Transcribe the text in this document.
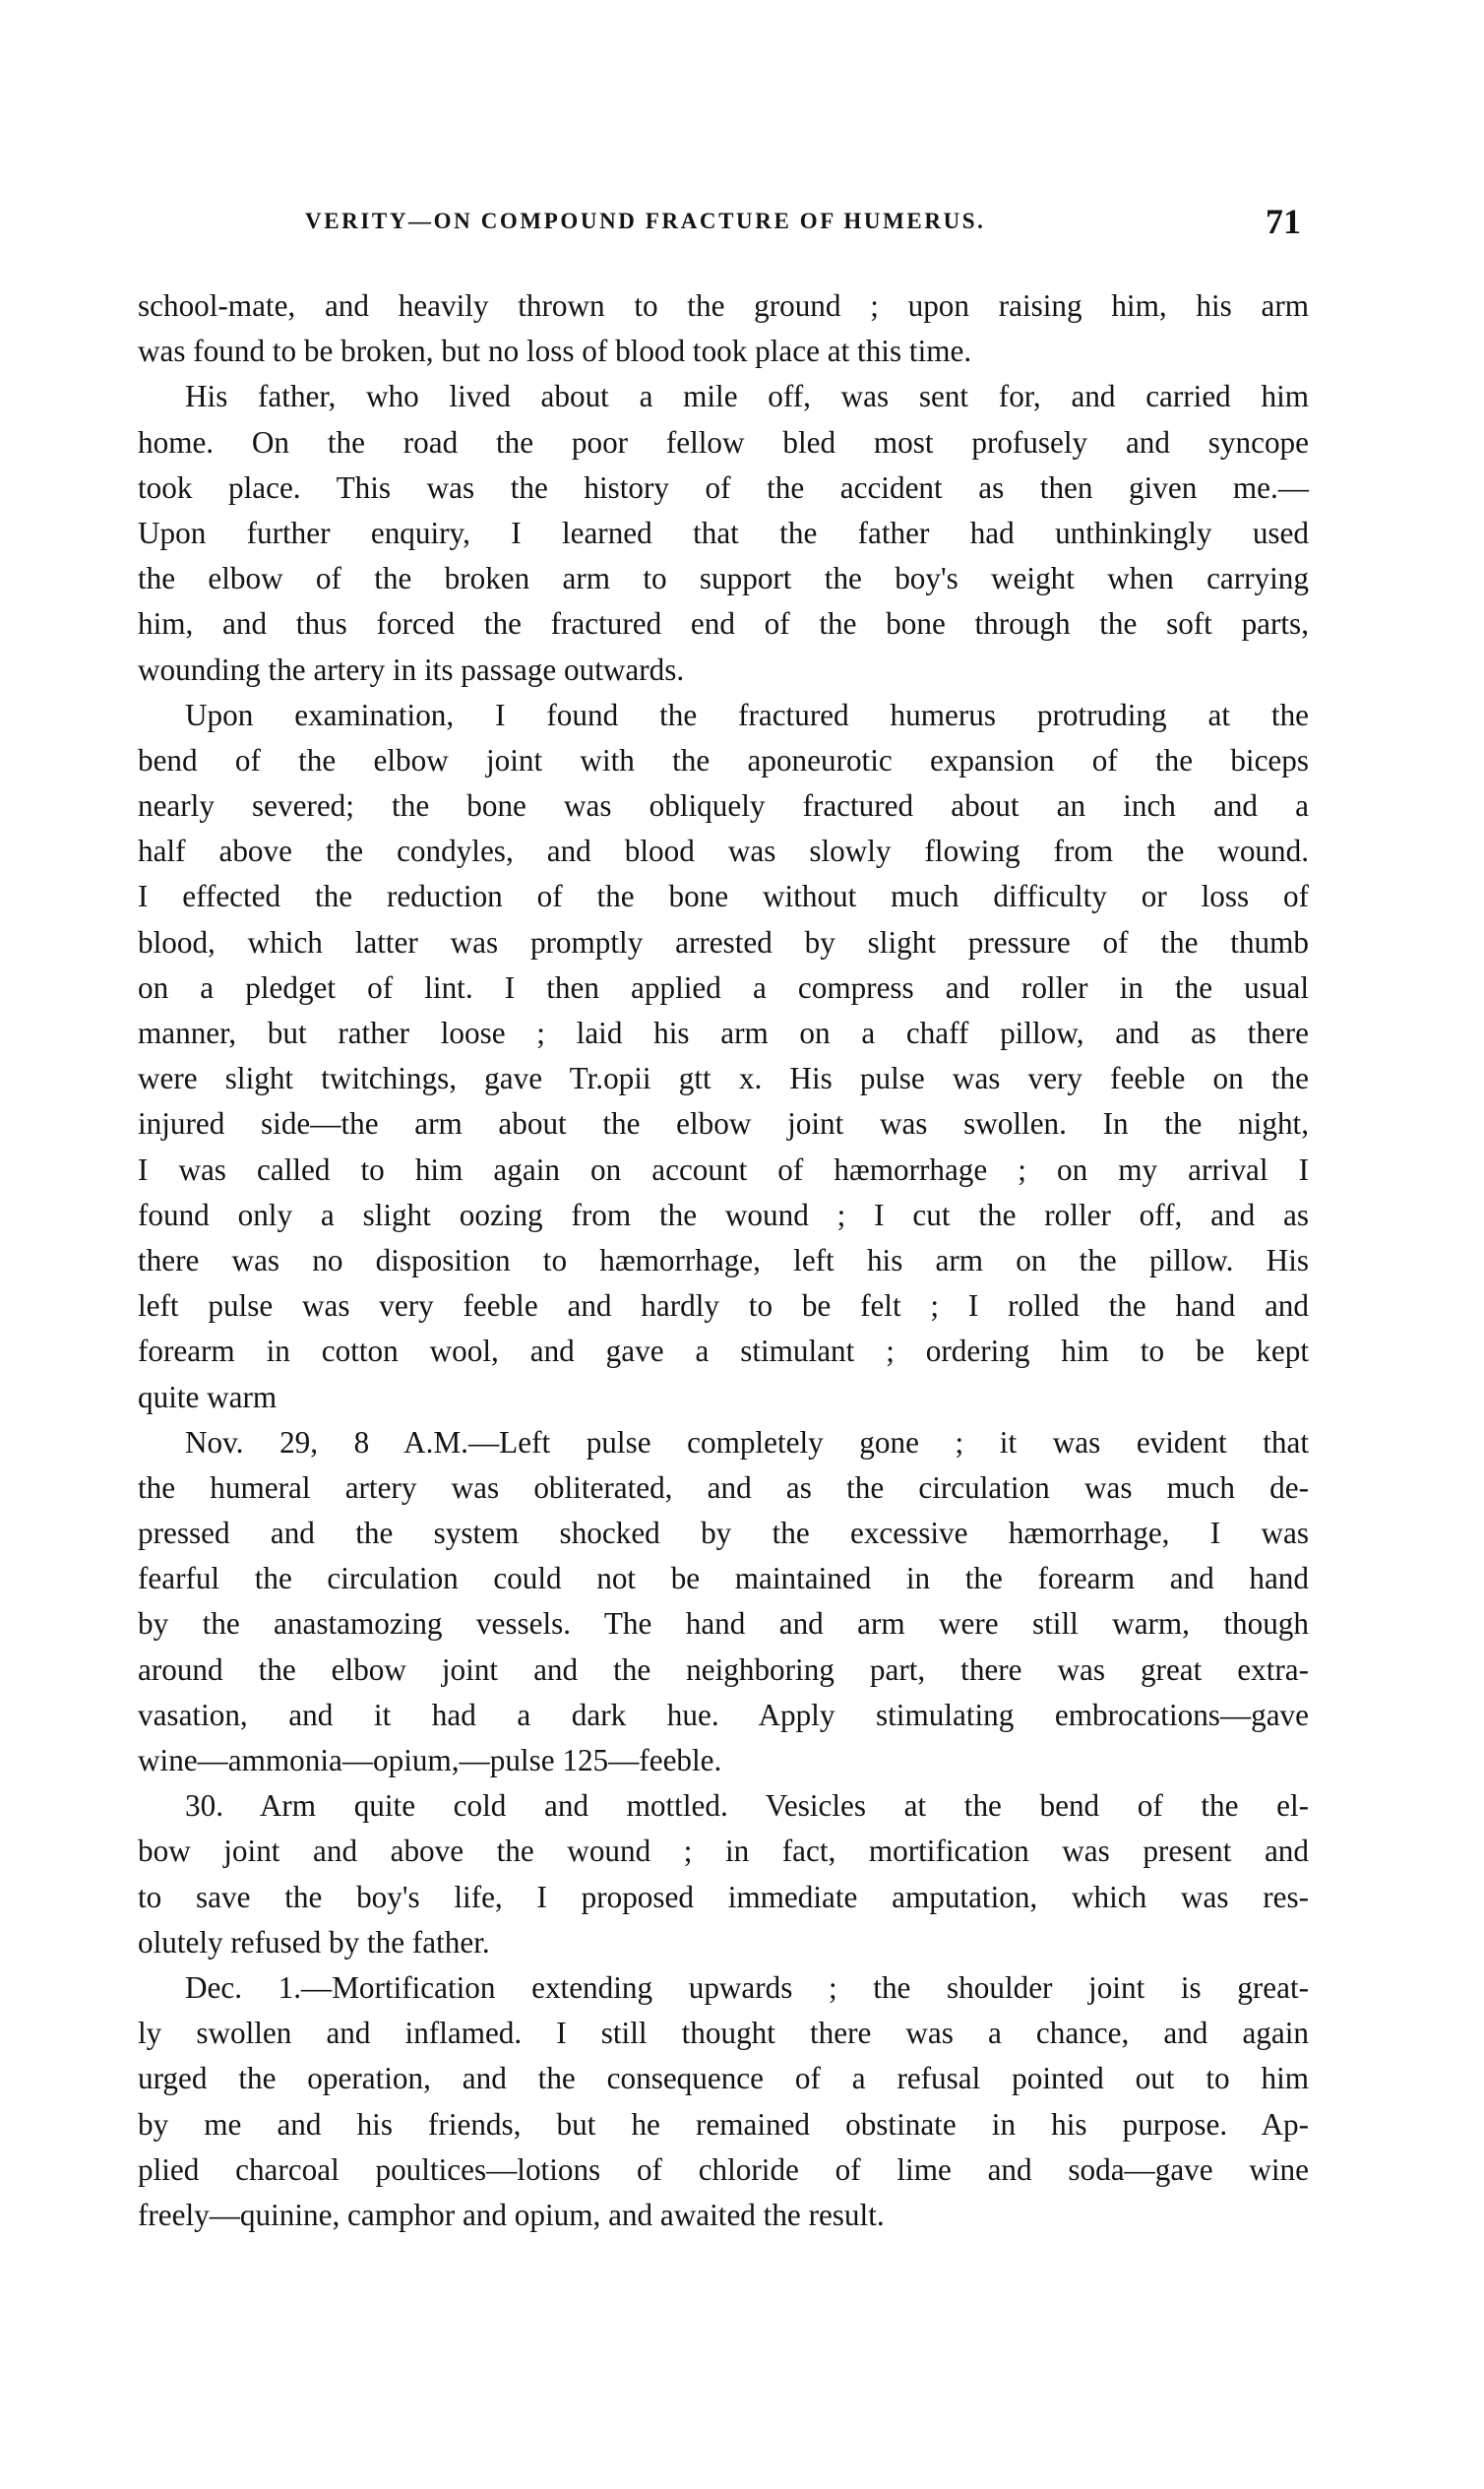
VERITY—ON COMPOUND FRACTURE OF HUMERUS.	71

school-mate, and heavily thrown to the ground ; upon raising him, his arm
was found to be broken, but no loss of blood took place at this time.

His father, who lived about a mile off, was sent for, and carried him
home. On the road the poor fellow bled most profusely and syncope
took place. This was the history of the accident as then given me.—
Upon further enquiry, I learned that the father had unthinkingly used
the elbow of the broken arm to support the boy's weight when carrying
him, and thus forced the fractured end of the bone through the soft parts,
wounding the artery in its passage outwards.

Upon examination, I found the fractured humerus protruding at the
bend of the elbow joint with the aponeurotic expansion of the biceps
nearly severed; the bone was obliquely fractured about an inch and a
half above the condyles, and blood was slowly flowing from the wound.
I effected the reduction of the bone without much difficulty or loss of
blood, which latter was promptly arrested by slight pressure of the thumb
on a pledget of lint. I then applied a compress and roller in the usual
manner, but rather loose ; laid his arm on a chaff pillow, and as there
were slight twitchings, gave Tr.opii gtt x. His pulse was very feeble on the
injured side—the arm about the elbow joint was swollen. In the night,
I was called to him again on account of hæmorrhage ; on my arrival I
found only a slight oozing from the wound ; I cut the roller off, and as
there was no disposition to hæmorrhage, left his arm on the pillow. His
left pulse was very feeble and hardly to be felt ; I rolled the hand and
forearm in cotton wool, and gave a stimulant ; ordering him to be kept
quite warm

Nov. 29, 8 A.M.—Left pulse completely gone ; it was evident that
the humeral artery was obliterated, and as the circulation was much de-
pressed and the system shocked by the excessive hæmorrhage, I was
fearful the circulation could not be maintained in the forearm and hand
by the anastamozing vessels. The hand and arm were still warm, though
around the elbow joint and the neighboring part, there was great extra-
vasation, and it had a dark hue. Apply stimulating embrocations—gave
wine—ammonia—opium,—pulse 125—feeble.

30. Arm quite cold and mottled. Vesicles at the bend of the el-
bow joint and above the wound ; in fact, mortification was present and
to save the boy's life, I proposed immediate amputation, which was res-
olutely refused by the father.

Dec. 1.—Mortification extending upwards ; the shoulder joint is great-
ly swollen and inflamed. I still thought there was a chance, and again
urged the operation, and the consequence of a refusal pointed out to him
by me and his friends, but he remained obstinate in his purpose. Ap-
plied charcoal poultices—lotions of chloride of lime and soda—gave wine
freely—quinine, camphor and opium, and awaited the result.
